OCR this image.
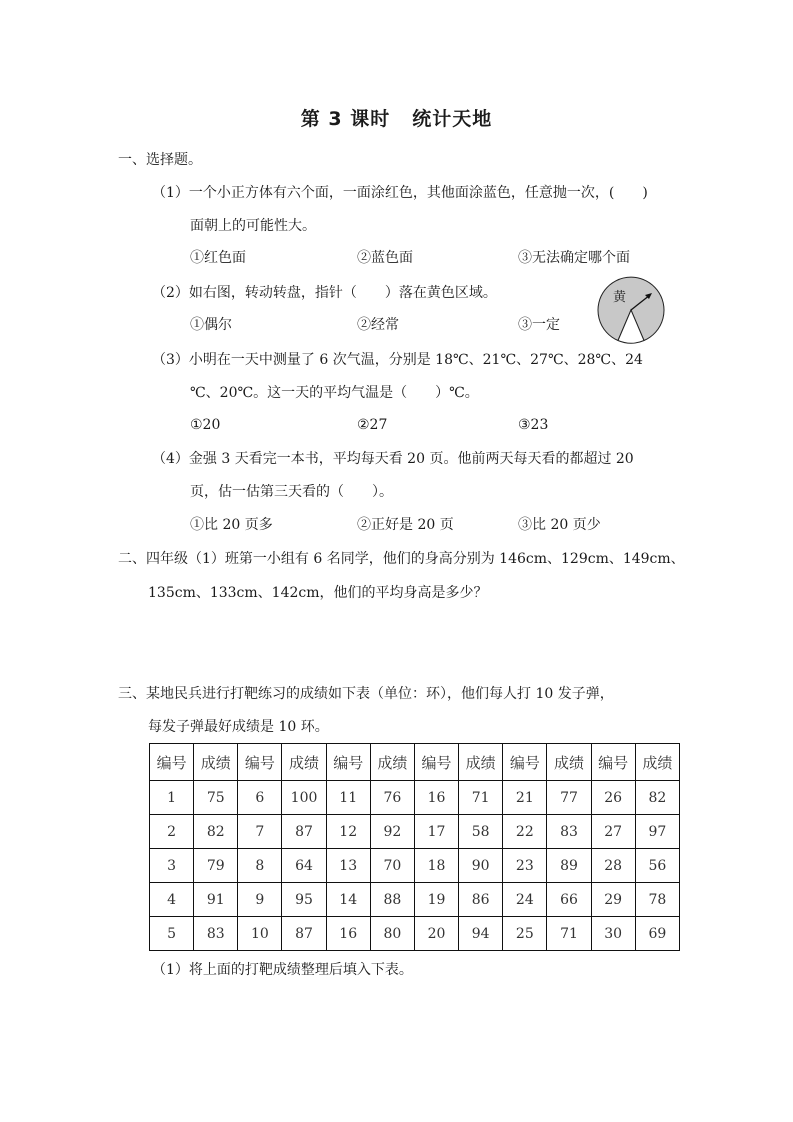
第 3 课时 统计天地
一、选择题。
（1）一个小正方体有六个面，一面涂红色，其他面涂蓝色，任意抛一次，(　　)
面朝上的可能性大。
①红色面	②蓝色面	③无法确定哪个面
（2）如右图，转动转盘，指针（　　）落在黄色区域。
①偶尔	②经常	③一定
黄
（3）小明在一天中测量了 6 次气温，分别是 18℃、21℃、27℃、28℃、24
℃、20℃。这一天的平均气温是（　　）℃。
①20	②27	③23
（4）金强 3 天看完一本书，平均每天看 20 页。他前两天每天看的都超过 20
页，估一估第三天看的（　　）。
①比 20 页多	②正好是 20 页	③比 20 页少
二、四年级（1）班第一小组有 6 名同学，他们的身高分别为 146cm、129cm、149cm、
135cm、133cm、142cm，他们的平均身高是多少？
三、某地民兵进行打靶练习的成绩如下表（单位：环），他们每人打 10 发子弹，
每发子弹最好成绩是 10 环。
编号	成绩	编号	成绩	编号	成绩	编号	成绩	编号	成绩	编号	成绩
1	75	6	100	11	76	16	71	21	77	26	82
2	82	7	87	12	92	17	58	22	83	27	97
3	79	8	64	13	70	18	90	23	89	28	56
4	91	9	95	14	88	19	86	24	66	29	78
5	83	10	87	16	80	20	94	25	71	30	69
（1）将上面的打靶成绩整理后填入下表。
